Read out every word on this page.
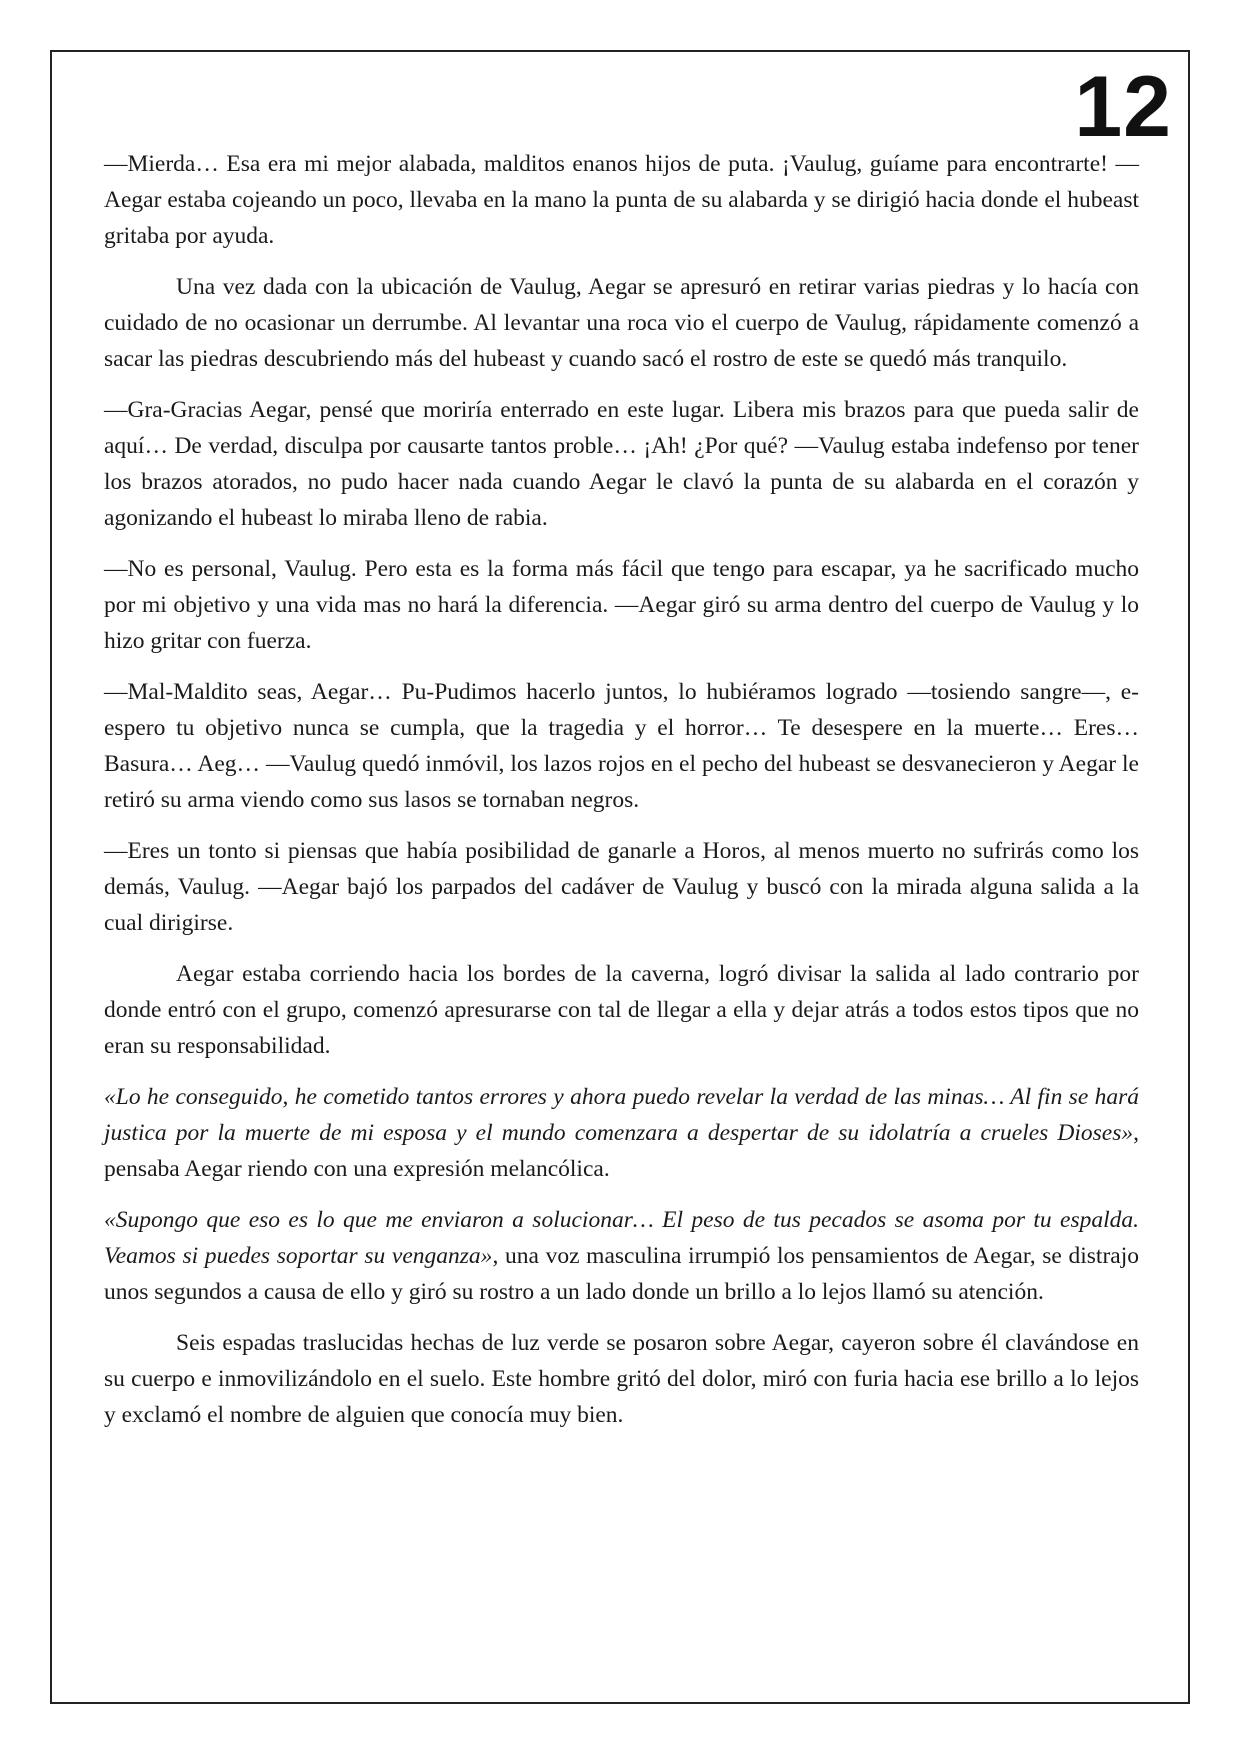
12

—Mierda… Esa era mi mejor alabada, malditos enanos hijos de puta. ¡Vaulug, guíame para encontrarte! —Aegar estaba cojeando un poco, llevaba en la mano la punta de su alabarda y se dirigió hacia donde el hubeast gritaba por ayuda.

Una vez dada con la ubicación de Vaulug, Aegar se apresuró en retirar varias piedras y lo hacía con cuidado de no ocasionar un derrumbe. Al levantar una roca vio el cuerpo de Vaulug, rápidamente comenzó a sacar las piedras descubriendo más del hubeast y cuando sacó el rostro de este se quedó más tranquilo.

—Gra-Gracias Aegar, pensé que moriría enterrado en este lugar. Libera mis brazos para que pueda salir de aquí… De verdad, disculpa por causarte tantos proble… ¡Ah! ¿Por qué? —Vaulug estaba indefenso por tener los brazos atorados, no pudo hacer nada cuando Aegar le clavó la punta de su alabarda en el corazón y agonizando el hubeast lo miraba lleno de rabia.

—No es personal, Vaulug. Pero esta es la forma más fácil que tengo para escapar, ya he sacrificado mucho por mi objetivo y una vida mas no hará la diferencia. —Aegar giró su arma dentro del cuerpo de Vaulug y lo hizo gritar con fuerza.

—Mal-Maldito seas, Aegar… Pu-Pudimos hacerlo juntos, lo hubiéramos logrado —tosiendo sangre—, e-espero tu objetivo nunca se cumpla, que la tragedia y el horror… Te desespere en la muerte… Eres… Basura… Aeg… —Vaulug quedó inmóvil, los lazos rojos en el pecho del hubeast se desvanecieron y Aegar le retiró su arma viendo como sus lasos se tornaban negros.

—Eres un tonto si piensas que había posibilidad de ganarle a Horos, al menos muerto no sufrirás como los demás, Vaulug. —Aegar bajó los parpados del cadáver de Vaulug y buscó con la mirada alguna salida a la cual dirigirse.

Aegar estaba corriendo hacia los bordes de la caverna, logró divisar la salida al lado contrario por donde entró con el grupo, comenzó apresurarse con tal de llegar a ella y dejar atrás a todos estos tipos que no eran su responsabilidad.

«Lo he conseguido, he cometido tantos errores y ahora puedo revelar la verdad de las minas… Al fin se hará justica por la muerte de mi esposa y el mundo comenzara a despertar de su idolatría a crueles Dioses», pensaba Aegar riendo con una expresión melancólica.

«Supongo que eso es lo que me enviaron a solucionar… El peso de tus pecados se asoma por tu espalda. Veamos si puedes soportar su venganza», una voz masculina irrumpió los pensamientos de Aegar, se distrajo unos segundos a causa de ello y giró su rostro a un lado donde un brillo a lo lejos llamó su atención.

Seis espadas traslucidas hechas de luz verde se posaron sobre Aegar, cayeron sobre él clavándose en su cuerpo e inmovilizándolo en el suelo. Este hombre gritó del dolor, miró con furia hacia ese brillo a lo lejos y exclamó el nombre de alguien que conocía muy bien.
